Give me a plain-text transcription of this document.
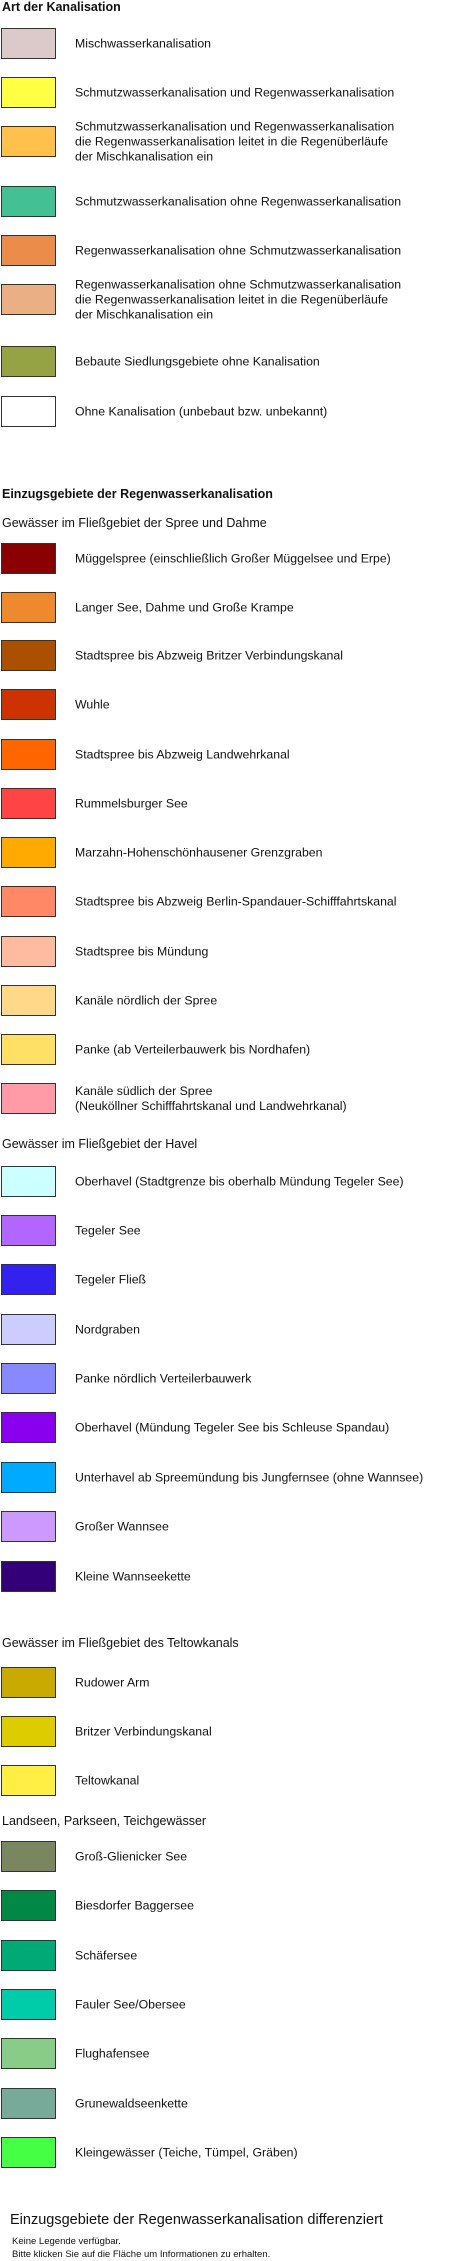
Art der Kanalisation
Mischwasserkanalisation
Schmutzwasserkanalisation und Regenwasserkanalisation
Schmutzwasserkanalisation und Regenwasserkanalisation
die Regenwasserkanalisation leitet in die Regenüberläufe
der Mischkanalisation ein
Schmutzwasserkanalisation ohne Regenwasserkanalisation
Regenwasserkanalisation ohne Schmutzwasserkanalisation
Regenwasserkanalisation ohne Schmutzwasserkanalisation
die Regenwasserkanalisation leitet in die Regenüberläufe
der Mischkanalisation ein
Bebaute Siedlungsgebiete ohne Kanalisation
Ohne Kanalisation (unbebaut bzw. unbekannt)
Einzugsgebiete der Regenwasserkanalisation
Gewässer im Fließgebiet der Spree und Dahme
Müggelspree (einschließlich Großer Müggelsee und Erpe)
Langer See, Dahme und Große Krampe
Stadtspree bis Abzweig Britzer Verbindungskanal
Wuhle
Stadtspree bis Abzweig Landwehrkanal
Rummelsburger See
Marzahn-Hohenschönhausener Grenzgraben
Stadtspree bis Abzweig Berlin-Spandauer-Schifffahrtskanal
Stadtspree bis Mündung
Kanäle nördlich der Spree
Panke (ab Verteilerbauwerk bis Nordhafen)
Kanäle südlich der Spree
(Neuköllner Schifffahrtskanal und Landwehrkanal)
Gewässer im Fließgebiet der Havel
Oberhavel (Stadtgrenze bis oberhalb Mündung Tegeler See)
Tegeler See
Tegeler Fließ
Nordgraben
Panke nördlich Verteilerbauwerk
Oberhavel (Mündung Tegeler See bis Schleuse Spandau)
Unterhavel ab Spreemündung bis Jungfernsee (ohne Wannsee)
Großer Wannsee
Kleine Wannseekette
Gewässer im Fließgebiet des Teltowkanals
Rudower Arm
Britzer Verbindungskanal
Teltowkanal
Landseen, Parkseen, Teichgewässer
Groß-Glienicker See
Biesdorfer Baggersee
Schäfersee
Fauler See/Obersee
Flughafensee
Grunewaldseenkette
Kleingewässer (Teiche, Tümpel, Gräben)
Einzugsgebiete der Regenwasserkanalisation differenziert
Keine Legende verfügbar.
Bitte klicken Sie auf die Fläche um Informationen zu erhalten.
